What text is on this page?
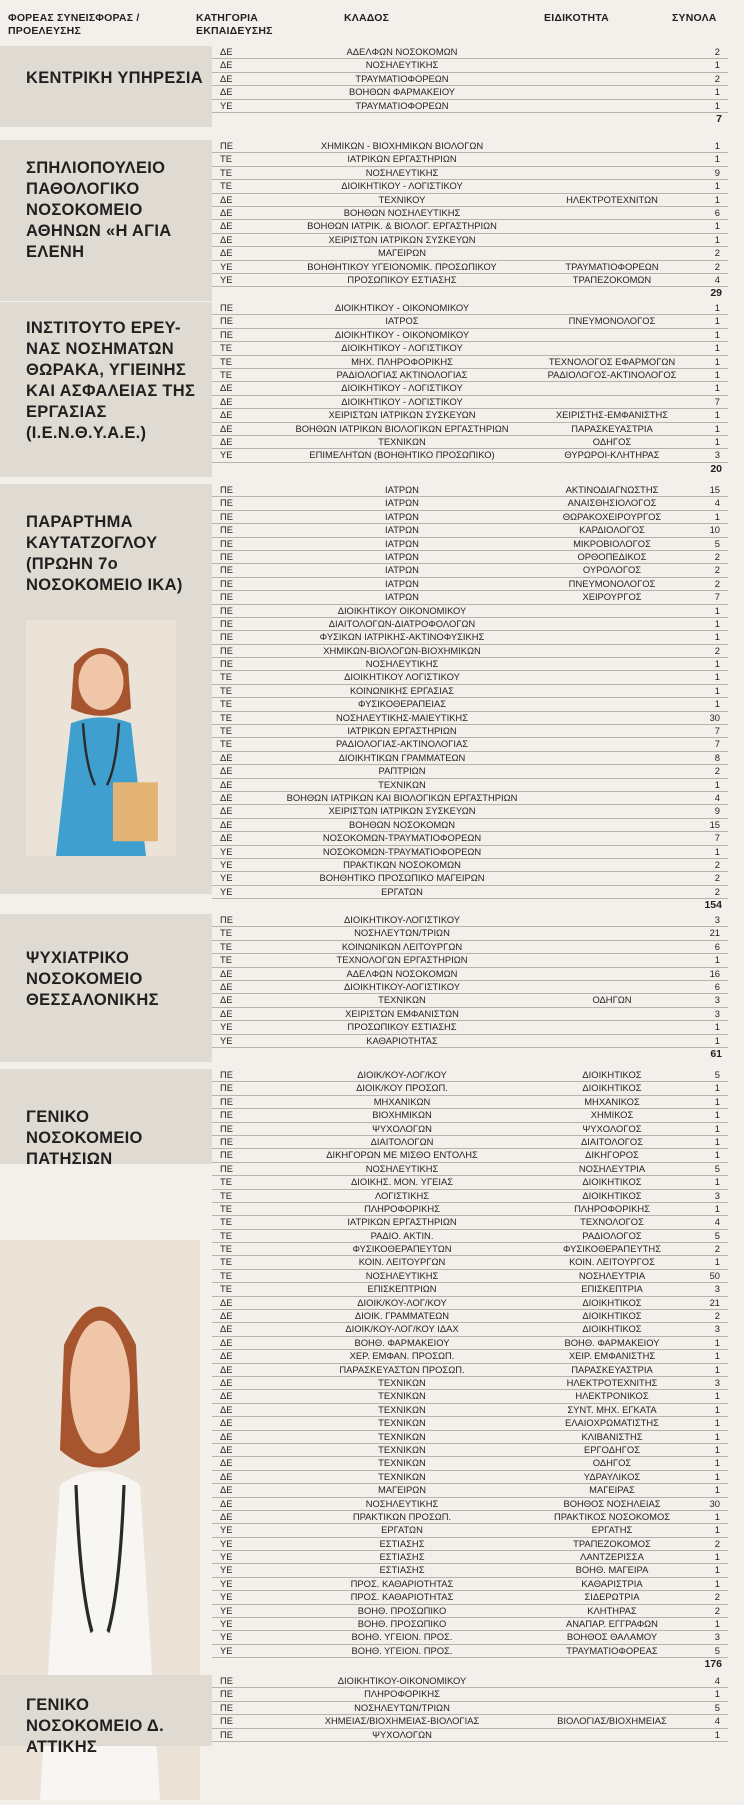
ΦΟΡΕΑΣ ΣΥΝΕΙΣΦΟΡΑΣ / ΠΡΟΕΛΕΥΣΗΣ
ΚΑΤΗΓΟΡΙΑ ΕΚΠΑΙΔΕΥΣΗΣ
ΚΛΑΔΟΣ	ΕΙΔΙΚΟΤΗΤΑ	ΣΥΝΟΛΑ
ΚΕΝΤΡΙΚΗ ΥΠΗΡΕΣΙΑ
ΔΕ	ΑΔΕΛΦΩΝ ΝΟΣΟΚΟΜΩΝ	2
ΔΕ	ΝΟΣΗΛΕΥΤΙΚΗΣ	1
ΔΕ	ΤΡΑΥΜΑΤΙΟΦΟΡΕΩΝ	2
ΔΕ	ΒΟΗΘΩΝ ΦΑΡΜΑΚΕΙΟΥ	1
ΥΕ	ΤΡΑΥΜΑΤΙΟΦΟΡΕΩΝ	1
7
ΣΠΗΛΙΟΠΟΥΛΕΙΟ ΠΑΘΟΛΟΓΙΚΟ ΝΟΣΟΚΟΜΕΙΟ ΑΘΗΝΩΝ «Η ΑΓΙΑ ΕΛΕΝΗ
ΠΕ	ΧΗΜΙΚΩΝ - ΒΙΟΧΗΜΙΚΩΝ ΒΙΟΛΟΓΩΝ	1
ΤΕ	ΙΑΤΡΙΚΩΝ ΕΡΓΑΣΤΗΡΙΩΝ	1
ΤΕ	ΝΟΣΗΛΕΥΤΙΚΗΣ	9
ΤΕ	ΔΙΟΙΚΗΤΙΚΟΥ - ΛΟΓΙΣΤΙΚΟΥ	1
ΔΕ	ΤΕΧΝΙΚΟΥ	ΗΛΕΚΤΡΟΤΕΧΝΙΤΩΝ	1
ΔΕ	ΒΟΗΘΩΝ ΝΟΣΗΛΕΥΤΙΚΗΣ	6
ΔΕ	ΒΟΗΘΩΝ ΙΑΤΡΙΚ. & ΒΙΟΛΟΓ. ΕΡΓΑΣΤΗΡΙΩΝ	1
ΔΕ	ΧΕΙΡΙΣΤΩΝ ΙΑΤΡΙΚΩΝ ΣΥΣΚΕΥΩΝ	1
ΔΕ	ΜΑΓΕΙΡΩΝ	2
ΥΕ	ΒΟΗΘΗΤΙΚΟΥ ΥΓΕΙΟΝΟΜΙΚ. ΠΡΟΣΩΠΙΚΟΥ	ΤΡΑΥΜΑΤΙΟΦΟΡΕΩΝ	2
ΥΕ	ΠΡΟΣΩΠΙΚΟΥ ΕΣΤΙΑΣΗΣ	ΤΡΑΠΕΖΟΚΟΜΩΝ	4
29
ΙΝΣΤΙΤΟΥΤΟ ΕΡΕΥ- ΝΑΣ ΝΟΣΗΜΑΤΩΝ ΘΩΡΑΚΑ, ΥΓΙΕΙΝΗΣ ΚΑΙ ΑΣΦΑΛΕΙΑΣ ΤΗΣ ΕΡΓΑΣΙΑΣ (Ι.Ε.Ν.Θ.Υ.Α.Ε.)
ΠΕ	ΔΙΟΙΚΗΤΙΚΟΥ - ΟΙΚΟΝΟΜΙΚΟΥ	1
ΠΕ	ΙΑΤΡΟΣ	ΠΝΕΥΜΟΝΟΛΟΓΟΣ	1
ΠΕ	ΔΙΟΙΚΗΤΙΚΟΥ - ΟΙΚΟΝΟΜΙΚΟΥ	1
ΤΕ	ΔΙΟΙΚΗΤΙΚΟΥ - ΛΟΓΙΣΤΙΚΟΥ	1
ΤΕ	ΜΗΧ. ΠΛΗΡΟΦΟΡΙΚΗΣ	ΤΕΧΝΟΛΟΓΟΣ ΕΦΑΡΜΟΓΩΝ	1
ΤΕ	ΡΑΔΙΟΛΟΓΙΑΣ ΑΚΤΙΝΟΛΟΓΙΑΣ	ΡΑΔΙΟΛΟΓΟΣ-ΑΚΤΙΝΟΛΟΓΟΣ	1
ΔΕ	ΔΙΟΙΚΗΤΙΚΟΥ - ΛΟΓΙΣΤΙΚΟΥ	1
ΔΕ	ΔΙΟΙΚΗΤΙΚΟΥ - ΛΟΓΙΣΤΙΚΟΥ	7
ΔΕ	ΧΕΙΡΙΣΤΩΝ ΙΑΤΡΙΚΩΝ ΣΥΣΚΕΥΩΝ	ΧΕΙΡΙΣΤΗΣ-ΕΜΦΑΝΙΣΤΗΣ	1
ΔΕ	ΒΟΗΘΩΝ ΙΑΤΡΙΚΩΝ ΒΙΟΛΟΓΙΚΩΝ ΕΡΓΑΣΤΗΡΙΩΝ	ΠΑΡΑΣΚΕΥΑΣΤΡΙΑ	1
ΔΕ	ΤΕΧΝΙΚΩΝ	ΟΔΗΓΟΣ	1
ΥΕ	ΕΠΙΜΕΛΗΤΩΝ (ΒΟΗΘΗΤΙΚΟ ΠΡΟΣΩΠΙΚΟ)	ΘΥΡΩΡΟΙ-ΚΛΗΤΗΡΑΣ	3
20
ΠΑΡΑΡΤΗΜΑ ΚΑΥΤΑΤΖΟΓΛΟΥ (ΠΡΩΗΝ 7ο ΝΟΣΟΚΟΜΕΙΟ ΙΚΑ)
ΠΕ	ΙΑΤΡΩΝ	ΑΚΤΙΝΟΔΙΑΓΝΩΣΤΗΣ	15
ΠΕ	ΙΑΤΡΩΝ	ΑΝΑΙΣΘΗΣΙΟΛΟΓΟΣ	4
ΠΕ	ΙΑΤΡΩΝ	ΘΩΡΑΚΟΧΕΙΡΟΥΡΓΟΣ	1
ΠΕ	ΙΑΤΡΩΝ	ΚΑΡΔΙΟΛΟΓΟΣ	10
ΠΕ	ΙΑΤΡΩΝ	ΜΙΚΡΟΒΙΟΛΟΓΟΣ	5
ΠΕ	ΙΑΤΡΩΝ	ΟΡΘΟΠΕΔΙΚΟΣ	2
ΠΕ	ΙΑΤΡΩΝ	ΟΥΡΟΛΟΓΟΣ	2
ΠΕ	ΙΑΤΡΩΝ	ΠΝΕΥΜΟΝΟΛΟΓΟΣ	2
ΠΕ	ΙΑΤΡΩΝ	ΧΕΙΡΟΥΡΓΟΣ	7
ΠΕ	ΔΙΟΙΚΗΤΙΚΟΥ ΟΙΚΟΝΟΜΙΚΟΥ	1
ΠΕ	ΔΙΑΙΤΟΛΟΓΩΝ-ΔΙΑΤΡΟΦΟΛΟΓΩΝ	1
ΠΕ	ΦΥΣΙΚΩΝ ΙΑΤΡΙΚΗΣ-ΑΚΤΙΝΟΦΥΣΙΚΗΣ	1
ΠΕ	ΧΗΜΙΚΩΝ-ΒΙΟΛΟΓΩΝ-ΒΙΟΧΗΜΙΚΩΝ	2
ΠΕ	ΝΟΣΗΛΕΥΤΙΚΗΣ	1
ΤΕ	ΔΙΟΙΚΗΤΙΚΟΥ ΛΟΓΙΣΤΙΚΟΥ	1
ΤΕ	ΚΟΙΝΩΝΙΚΗΣ ΕΡΓΑΣΙΑΣ	1
ΤΕ	ΦΥΣΙΚΟΘΕΡΑΠΕΙΑΣ	1
ΤΕ	ΝΟΣΗΛΕΥΤΙΚΗΣ-ΜΑΙΕΥΤΙΚΗΣ	30
ΤΕ	ΙΑΤΡΙΚΩΝ ΕΡΓΑΣΤΗΡΙΩΝ	7
ΤΕ	ΡΑΔΙΟΛΟΓΙΑΣ-ΑΚΤΙΝΟΛΟΓΙΑΣ	7
ΔΕ	ΔΙΟΙΚΗΤΙΚΩΝ ΓΡΑΜΜΑΤΕΩΝ	8
ΔΕ	ΡΑΠΤΡΙΩΝ	2
ΔΕ	ΤΕΧΝΙΚΩΝ	1
ΔΕ	ΒΟΗΘΩΝ ΙΑΤΡΙΚΩΝ ΚΑΙ ΒΙΟΛΟΓΙΚΩΝ ΕΡΓΑΣΤΗΡΙΩΝ	4
ΔΕ	ΧΕΙΡΙΣΤΩΝ ΙΑΤΡΙΚΩΝ ΣΥΣΚΕΥΩΝ	9
ΔΕ	ΒΟΗΘΩΝ ΝΟΣΟΚΟΜΩΝ	15
ΔΕ	ΝΟΣΟΚΟΜΩΝ-ΤΡΑΥΜΑΤΙΟΦΟΡΕΩΝ	7
ΥΕ	ΝΟΣΟΚΟΜΩΝ-ΤΡΑΥΜΑΤΙΟΦΟΡΕΩΝ	1
ΥΕ	ΠΡΑΚΤΙΚΩΝ ΝΟΣΟΚΟΜΩΝ	2
ΥΕ	ΒΟΗΘΗΤΙΚΟ ΠΡΟΣΩΠΙΚΟ ΜΑΓΕΙΡΩΝ	2
ΥΕ	ΕΡΓΑΤΩΝ	2
154
ΨΥΧΙΑΤΡΙΚΟ ΝΟΣΟΚΟΜΕΙΟ ΘΕΣΣΑΛΟΝΙΚΗΣ
ΠΕ	ΔΙΟΙΚΗΤΙΚΟΥ-ΛΟΓΙΣΤΙΚΟΥ	3
ΤΕ	ΝΟΣΗΛΕΥΤΩΝ/ΤΡΙΩΝ	21
ΤΕ	ΚΟΙΝΩΝΙΚΩΝ ΛΕΙΤΟΥΡΓΩΝ	6
ΤΕ	ΤΕΧΝΟΛΟΓΩΝ ΕΡΓΑΣΤΗΡΙΩΝ	1
ΔΕ	ΑΔΕΛΦΩΝ ΝΟΣΟΚΟΜΩΝ	16
ΔΕ	ΔΙΟΙΚΗΤΙΚΟΥ-ΛΟΓΙΣΤΙΚΟΥ	6
ΔΕ	ΤΕΧΝΙΚΩΝ	ΟΔΗΓΩΝ	3
ΔΕ	ΧΕΙΡΙΣΤΩΝ ΕΜΦΑΝΙΣΤΩΝ	3
ΥΕ	ΠΡΟΣΩΠΙΚΟΥ ΕΣΤΙΑΣΗΣ	1
ΥΕ	ΚΑΘΑΡΙΟΤΗΤΑΣ	1
61
ΓΕΝΙΚΟ ΝΟΣΟΚΟΜΕΙΟ ΠΑΤΗΣΙΩΝ
ΠΕ	ΔΙΟΙΚ/ΚΟΥ-ΛΟΓ/ΚΟΥ	ΔΙΟΙΚΗΤΙΚΟΣ	5
ΠΕ	ΔΙΟΙΚ/ΚΟΥ ΠΡΟΣΩΠ.	ΔΙΟΙΚΗΤΙΚΟΣ	1
ΠΕ	ΜΗΧΑΝΙΚΩΝ	ΜΗΧΑΝΙΚΟΣ	1
ΠΕ	ΒΙΟΧΗΜΙΚΩΝ	ΧΗΜΙΚΟΣ	1
ΠΕ	ΨΥΧΟΛΟΓΩΝ	ΨΥΧΟΛΟΓΟΣ	1
ΠΕ	ΔΙΑΙΤΟΛΟΓΩΝ	ΔΙΑΙΤΟΛΟΓΟΣ	1
ΠΕ	ΔΙΚΗΓΟΡΩΝ ΜΕ ΜΙΣΘΟ ΕΝΤΟΛΗΣ	ΔΙΚΗΓΟΡΟΣ	1
ΠΕ	ΝΟΣΗΛΕΥΤΙΚΗΣ	ΝΟΣΗΛΕΥΤΡΙΑ	5
ΤΕ	ΔΙΟΙΚΗΣ. ΜΟΝ. ΥΓΕΙΑΣ	ΔΙΟΙΚΗΤΙΚΟΣ	1
ΤΕ	ΛΟΓΙΣΤΙΚΗΣ	ΔΙΟΙΚΗΤΙΚΟΣ	3
ΤΕ	ΠΛΗΡΟΦΟΡΙΚΗΣ	ΠΛΗΡΟΦΟΡΙΚΗΣ	1
ΤΕ	ΙΑΤΡΙΚΩΝ ΕΡΓΑΣΤΗΡΙΩΝ	ΤΕΧΝΟΛΟΓΟΣ	4
ΤΕ	ΡΑΔΙΟ. ΑΚΤΙΝ.	ΡΑΔΙΟΛΟΓΟΣ	5
ΤΕ	ΦΥΣΙΚΟΘΕΡΑΠΕΥΤΩΝ	ΦΥΣΙΚΟΘΕΡΑΠΕΥΤΗΣ	2
ΤΕ	ΚΟΙΝ. ΛΕΙΤΟΥΡΓΩΝ	ΚΟΙΝ. ΛΕΙΤΟΥΡΓΟΣ	1
ΤΕ	ΝΟΣΗΛΕΥΤΙΚΗΣ	ΝΟΣΗΛΕΥΤΡΙΑ	50
ΤΕ	ΕΠΙΣΚΕΠΤΡΙΩΝ	ΕΠΙΣΚΕΠΤΡΙΑ	3
ΔΕ	ΔΙΟΙΚ/ΚΟΥ-ΛΟΓ/ΚΟΥ	ΔΙΟΙΚΗΤΙΚΟΣ	21
ΔΕ	ΔΙΟΙΚ. ΓΡΑΜΜΑΤΕΩΝ	ΔΙΟΙΚΗΤΙΚΟΣ	2
ΔΕ	ΔΙΟΙΚ/ΚΟΥ-ΛΟΓ/ΚΟΥ ΙΔΑΧ	ΔΙΟΙΚΗΤΙΚΟΣ	3
ΔΕ	ΒΟΗΘ. ΦΑΡΜΑΚΕΙΟΥ	ΒΟΗΘ. ΦΑΡΜΑΚΕΙΟΥ	1
ΔΕ	ΧΕΡ. ΕΜΦΑΝ. ΠΡΟΣΩΠ.	ΧΕΙΡ. ΕΜΦΑΝΙΣΤΗΣ	1
ΔΕ	ΠΑΡΑΣΚΕΥΑΣΤΩΝ ΠΡΟΣΩΠ.	ΠΑΡΑΣΚΕΥΑΣΤΡΙΑ	1
ΔΕ	ΤΕΧΝΙΚΩΝ	ΗΛΕΚΤΡΟΤΕΧΝΙΤΗΣ	3
ΔΕ	ΤΕΧΝΙΚΩΝ	ΗΛΕΚΤΡΟΝΙΚΟΣ	1
ΔΕ	ΤΕΧΝΙΚΩΝ	ΣΥΝΤ. ΜΗΧ. ΕΓΚΑΤΑ	1
ΔΕ	ΤΕΧΝΙΚΩΝ	ΕΛΑΙΟΧΡΩΜΑΤΙΣΤΗΣ	1
ΔΕ	ΤΕΧΝΙΚΩΝ	ΚΛΙΒΑΝΙΣΤΗΣ	1
ΔΕ	ΤΕΧΝΙΚΩΝ	ΕΡΓΟΔΗΓΟΣ	1
ΔΕ	ΤΕΧΝΙΚΩΝ	ΟΔΗΓΟΣ	1
ΔΕ	ΤΕΧΝΙΚΩΝ	ΥΔΡΑΥΛΙΚΟΣ	1
ΔΕ	ΜΑΓΕΙΡΩΝ	ΜΑΓΕΙΡΑΣ	1
ΔΕ	ΝΟΣΗΛΕΥΤΙΚΗΣ	ΒΟΗΘΟΣ ΝΟΣΗΛΕΙΑΣ	30
ΔΕ	ΠΡΑΚΤΙΚΩΝ ΠΡΟΣΩΠ.	ΠΡΑΚΤΙΚΟΣ ΝΟΣΟΚΟΜΟΣ	1
ΥΕ	ΕΡΓΑΤΩΝ	ΕΡΓΑΤΗΣ	1
ΥΕ	ΕΣΤΙΑΣΗΣ	ΤΡΑΠΕΖΟΚΟΜΟΣ	2
ΥΕ	ΕΣΤΙΑΣΗΣ	ΛΑΝΤΖΕΡΙΣΣΑ	1
ΥΕ	ΕΣΤΙΑΣΗΣ	ΒΟΗΘ. ΜΑΓΕΙΡΑ	1
ΥΕ	ΠΡΟΣ. ΚΑΘΑΡΙΟΤΗΤΑΣ	ΚΑΘΑΡΙΣΤΡΙΑ	1
ΥΕ	ΠΡΟΣ. ΚΑΘΑΡΙΟΤΗΤΑΣ	ΣΙΔΕΡΩΤΡΙΑ	2
ΥΕ	ΒΟΗΘ. ΠΡΟΣΩΠΙΚΟ	ΚΛΗΤΗΡΑΣ	2
ΥΕ	ΒΟΗΘ. ΠΡΟΣΩΠΙΚΟ	ΑΝΑΠΑΡ. ΕΓΓΡΑΦΩΝ	1
ΥΕ	ΒΟΗΘ. ΥΓΕΙΟΝ. ΠΡΟΣ.	ΒΟΗΘΟΣ ΘΑΛΑΜΟΥ	3
ΥΕ	ΒΟΗΘ. ΥΓΕΙΟΝ. ΠΡΟΣ.	ΤΡΑΥΜΑΤΙΟΦΟΡΕΑΣ	5
176
ΓΕΝΙΚΟ ΝΟΣΟΚΟΜΕΙΟ Δ. ΑΤΤΙΚΗΣ
ΠΕ	ΔΙΟΙΚΗΤΙΚΟΥ-ΟΙΚΟΝΟΜΙΚΟΥ	4
ΠΕ	ΠΛΗΡΟΦΟΡΙΚΗΣ	1
ΠΕ	ΝΟΣΗΛΕΥΤΩΝ/ΤΡΙΩΝ	5
ΠΕ	ΧΗΜΕΙΑΣ/ΒΙΟΧΗΜΕΙΑΣ-ΒΙΟΛΟΓΙΑΣ	ΒΙΟΛΟΓΙΑΣ/ΒΙΟΧΗΜΕΙΑΣ	4
ΠΕ	ΨΥΧΟΛΟΓΩΝ	1
